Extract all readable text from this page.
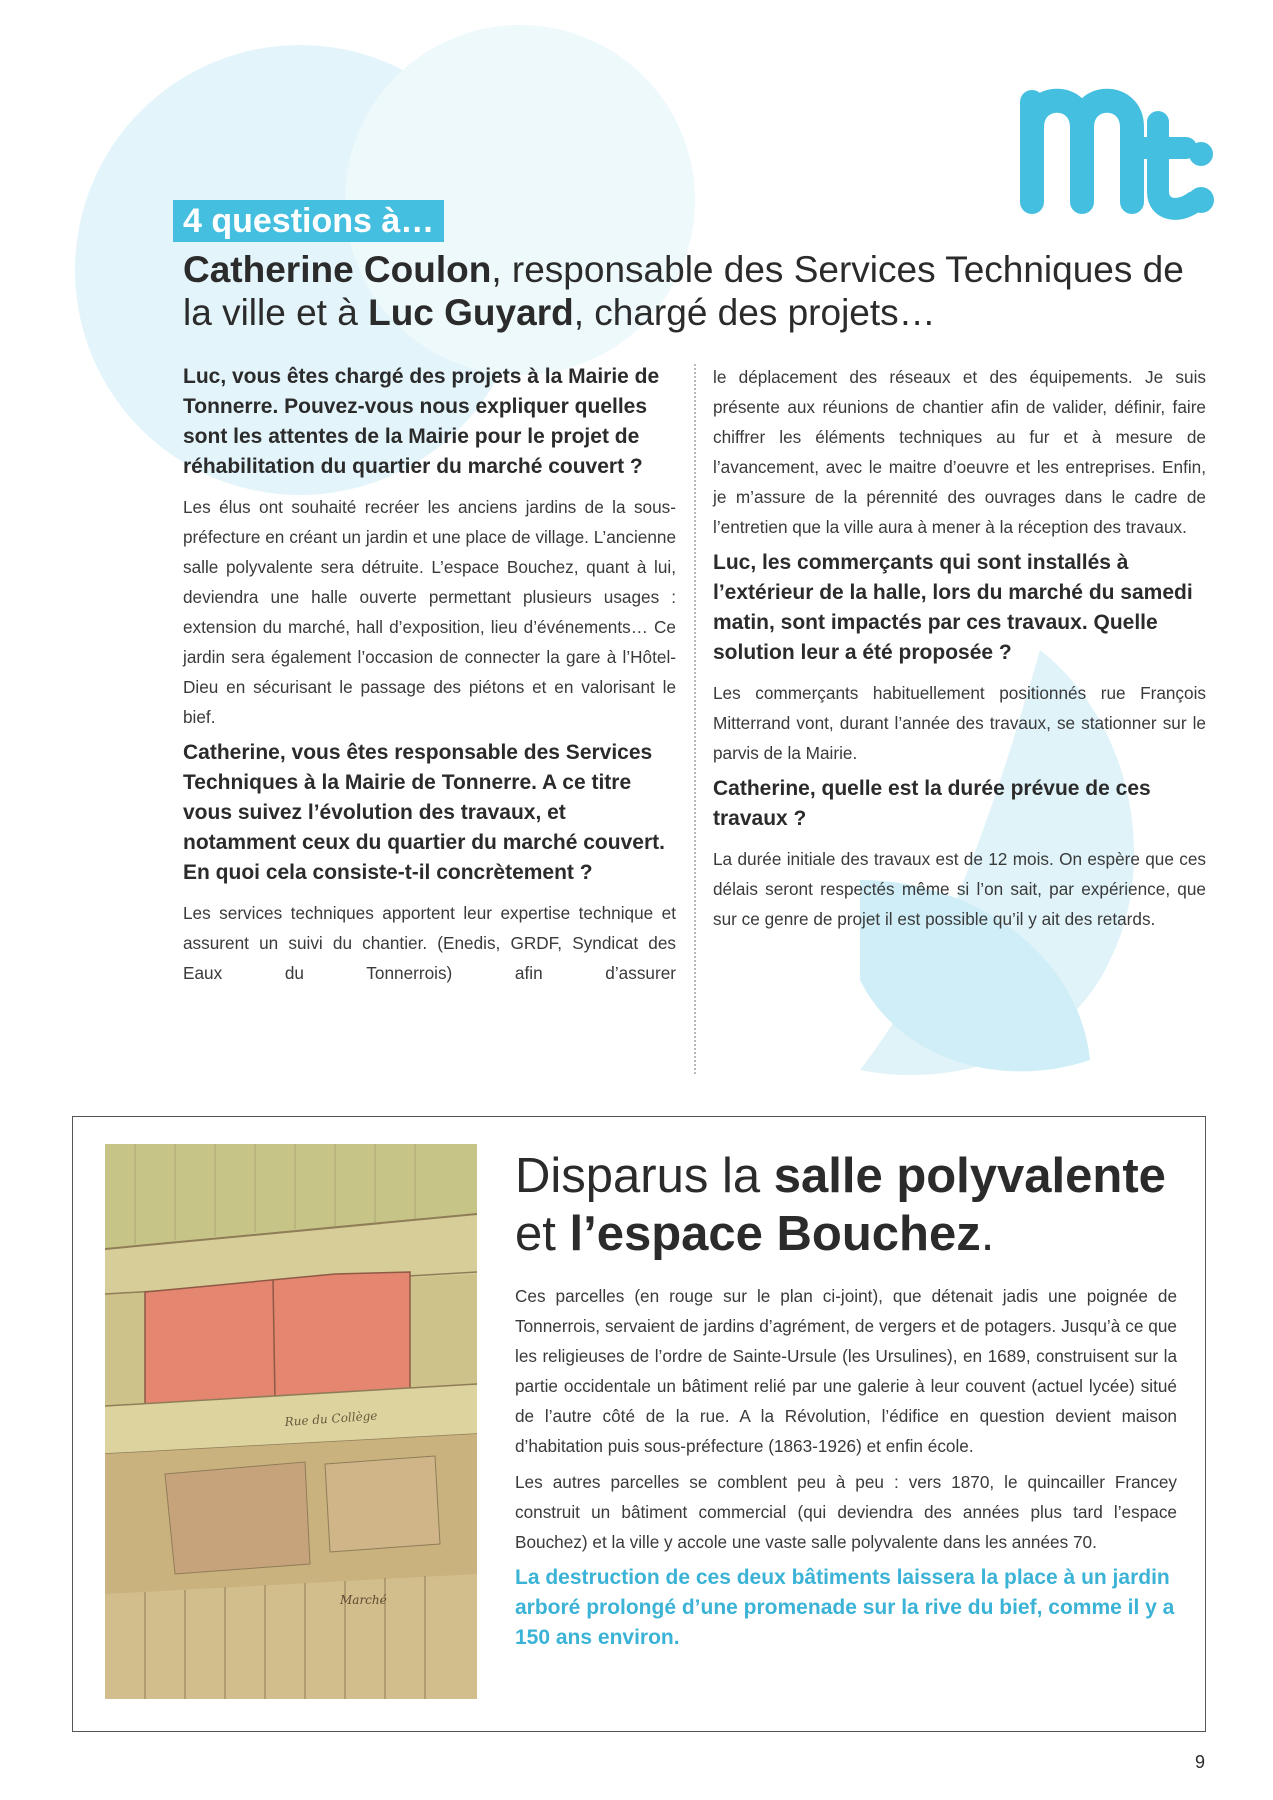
4 questions à…
Catherine Coulon, responsable des Services Techniques de la ville et à Luc Guyard, chargé des projets…

Luc, vous êtes chargé des projets à la Mairie de Tonnerre. Pouvez-vous nous expliquer quelles sont les attentes de la Mairie pour le projet de réhabilitation du quartier du marché couvert ?

Les élus ont souhaité recréer les anciens jardins de la sous-préfecture en créant un jardin et une place de village. L’ancienne salle polyvalente sera détruite. L’espace Bouchez, quant à lui, deviendra une halle ouverte permettant plusieurs usages : extension du marché, hall d’exposition, lieu d’événements… Ce jardin sera également l’occasion de connecter la gare à l’Hôtel-Dieu en sécurisant le passage des piétons et en valorisant le bief.

Catherine, vous êtes responsable des Services Techniques à la Mairie de Tonnerre. A ce titre vous suivez l’évolution des travaux, et notamment ceux du quartier du marché couvert. En quoi cela consiste-t-il concrètement ?

Les services techniques apportent leur expertise technique et assurent un suivi du chantier. (Enedis, GRDF, Syndicat des Eaux du Tonnerrois) afin d’assurer

le déplacement des réseaux et des équipements. Je suis présente aux réunions de chantier afin de valider, définir, faire chiffrer les éléments techniques au fur et à mesure de l’avancement, avec le maitre d’oeuvre et les entreprises. Enfin, je m’assure de la pérennité des ouvrages dans le cadre de l’entretien que la ville aura à mener à la réception des travaux.

Luc, les commerçants qui sont installés à l’extérieur de la halle, lors du marché du samedi matin, sont impactés par ces travaux. Quelle solution leur a été proposée ?

Les commerçants habituellement positionnés rue François Mitterrand vont, durant l’année des travaux, se stationner sur le parvis de la Mairie.

Catherine, quelle est la durée prévue de ces travaux ?

La durée initiale des travaux est de 12 mois. On espère que ces délais seront respectés même si l’on sait, par expérience, que sur ce genre de projet il est possible qu’il y ait des retards.

Rue du Collège
Marché
Disparus la salle polyvalente et l’espace Bouchez.

Ces parcelles (en rouge sur le plan ci-joint), que détenait jadis une poignée de Tonnerrois, servaient de jardins d’agrément, de vergers et de potagers. Jusqu’à ce que les religieuses de l’ordre de Sainte-Ursule (les Ursulines), en 1689, construisent sur la partie occidentale un bâtiment relié par une galerie à leur couvent (actuel lycée) situé de l’autre côté de la rue. A la Révolution, l’édifice en question devient maison d’habitation puis sous-préfecture (1863-1926) et enfin école.

Les autres parcelles se comblent peu à peu : vers 1870, le quincailler Francey construit un bâtiment commercial (qui deviendra des années plus tard l’espace Bouchez) et la ville y accole une vaste salle polyvalente dans les années 70.

La destruction de ces deux bâtiments laissera la place à un jardin arboré prolongé d’une promenade sur la rive du bief, comme il y a 150 ans environ.

9
